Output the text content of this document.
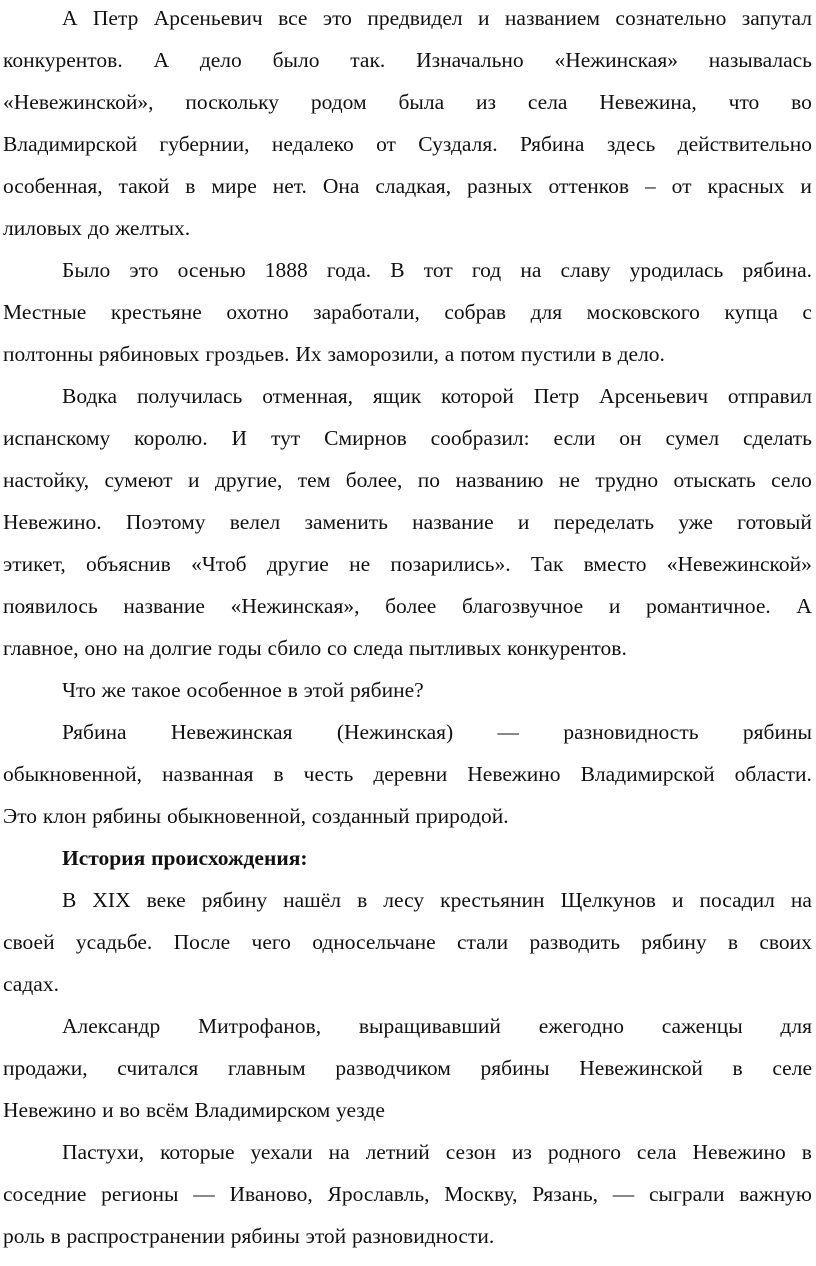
А Петр Арсеньевич все это предвидел и названием сознательно запутал
конкурентов. А дело было так. Изначально «Нежинская» называлась
«Невежинской», поскольку родом была из села Невежина, что во
Владимирской губернии, недалеко от Суздаля. Рябина здесь действительно
особенная, такой в мире нет. Она сладкая, разных оттенков – от красных и
лиловых до желтых.
Было это осенью 1888 года. В тот год на славу уродилась рябина.
Местные крестьяне охотно заработали, собрав для московского купца с
полтонны рябиновых гроздьев. Их заморозили, а потом пустили в дело.
Водка получилась отменная, ящик которой Петр Арсеньевич отправил
испанскому королю. И тут Смирнов сообразил: если он сумел сделать
настойку, сумеют и другие, тем более, по названию не трудно отыскать село
Невежино. Поэтому велел заменить название и переделать уже готовый
этикет, объяснив «Чтоб другие не позарились». Так вместо «Невежинской»
появилось название «Нежинская», более благозвучное и романтичное. А
главное, оно на долгие годы сбило со следа пытливых конкурентов.
Что же такое особенное в этой рябине?
Рябина Невежинская (Нежинская) — разновидность рябины
обыкновенной, названная в честь деревни Невежино Владимирской области.
Это клон рябины обыкновенной, созданный природой.
История происхождения:
В XIX веке рябину нашёл в лесу крестьянин Щелкунов и посадил на
своей усадьбе. После чего односельчане стали разводить рябину в своих
садах.
Александр Митрофанов, выращивавший ежегодно саженцы для
продажи, считался главным разводчиком рябины Невежинской в селе
Невежино и во всём Владимирском уезде
Пастухи, которые уехали на летний сезон из родного села Невежино в
соседние регионы — Иваново, Ярославль, Москву, Рязань, — сыграли важную
роль в распространении рябины этой разновидности.
